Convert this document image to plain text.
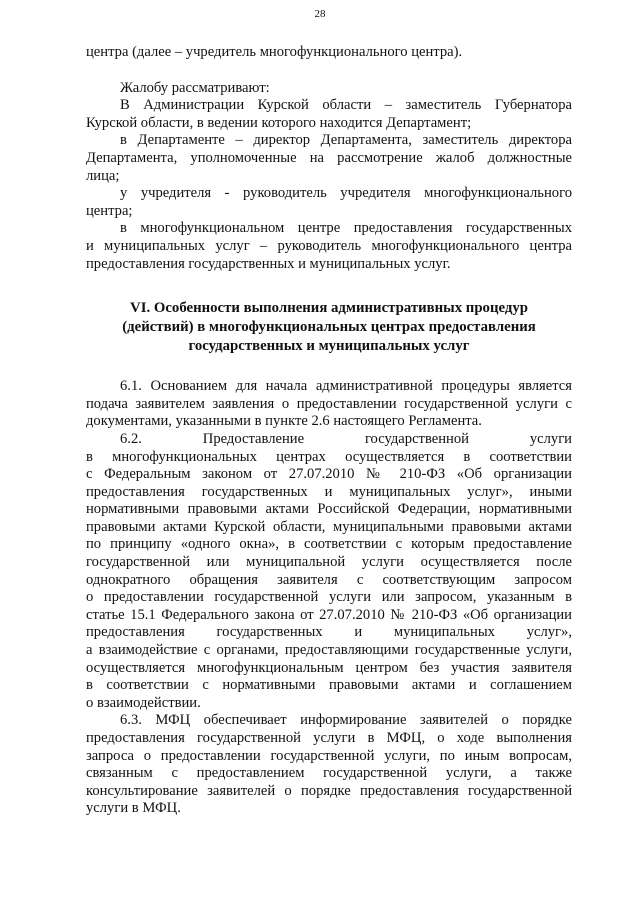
28

центра (далее – учредитель многофункционального центра).

Жалобу рассматривают:

В Администрации Курской области – заместитель Губернатора
Курской области, в ведении которого находится Департамент;

в Департаменте – директор Департамента, заместитель директора
Департамента, уполномоченные на рассмотрение жалоб должностные
лица;

у учредителя - руководитель учредителя многофункционального
центра;

в многофункциональном центре предоставления государственных
и муниципальных услуг – руководитель многофункционального центра
предоставления государственных и муниципальных услуг.

VI. Особенности выполнения административных процедур
(действий) в многофункциональных центрах предоставления
государственных и муниципальных услуг

6.1. Основанием для начала административной процедуры является
подача заявителем заявления о предоставлении государственной услуги с
документами, указанными в пункте 2.6 настоящего Регламента.

6.2. Предоставление государственной услуги
в многофункциональных центрах осуществляется в соответствии
с Федеральным законом от 27.07.2010 № 210-ФЗ «Об организации
предоставления государственных и муниципальных услуг», иными
нормативными правовыми актами Российской Федерации, нормативными
правовыми актами Курской области, муниципальными правовыми актами
по принципу «одного окна», в соответствии с которым предоставление
государственной или муниципальной услуги осуществляется после
однократного обращения заявителя с соответствующим запросом
о предоставлении государственной услуги или запросом, указанным в
статье 15.1 Федерального закона от 27.07.2010 № 210-ФЗ «Об организации
предоставления государственных и муниципальных услуг»,
а взаимодействие с органами, предоставляющими государственные услуги,
осуществляется многофункциональным центром без участия заявителя
в соответствии с нормативными правовыми актами и соглашением
о взаимодействии.

6.3. МФЦ обеспечивает информирование заявителей о порядке
предоставления государственной услуги в МФЦ, о ходе выполнения
запроса о предоставлении государственной услуги, по иным вопросам,
связанным с предоставлением государственной услуги, а также
консультирование заявителей о порядке предоставления государственной
услуги в МФЦ.
